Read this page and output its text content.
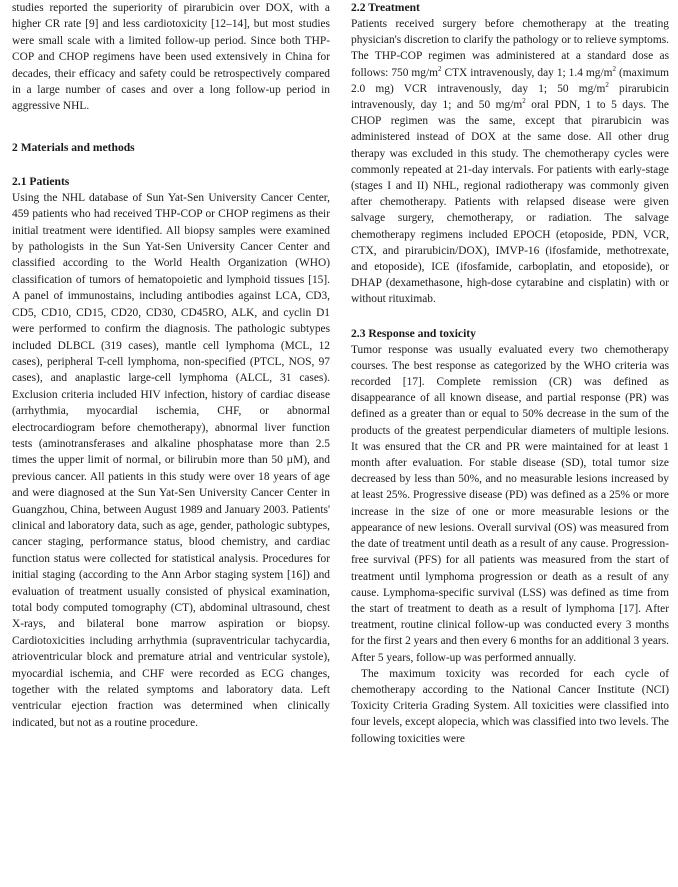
studies reported the superiority of pirarubicin over DOX, with a higher CR rate [9] and less cardiotoxicity [12–14], but most studies were small scale with a limited follow-up period. Since both THP-COP and CHOP regimens have been used extensively in China for decades, their efficacy and safety could be retrospectively compared in a large number of cases and over a long follow-up period in aggressive NHL.

2 Materials and methods
2.1 Patients

Using the NHL database of Sun Yat-Sen University Cancer Center, 459 patients who had received THP-COP or CHOP regimens as their initial treatment were identified. All biopsy samples were examined by pathologists in the Sun Yat-Sen University Cancer Center and classified according to the World Health Organization (WHO) classification of tumors of hematopoietic and lymphoid tissues [15]. A panel of immunostains, including antibodies against LCA, CD3, CD5, CD10, CD15, CD20, CD30, CD45RO, ALK, and cyclin D1 were performed to confirm the diagnosis. The pathologic subtypes included DLBCL (319 cases), mantle cell lymphoma (MCL, 12 cases), peripheral T-cell lymphoma, non-specified (PTCL, NOS, 97 cases), and anaplastic large-cell lymphoma (ALCL, 31 cases). Exclusion criteria included HIV infection, history of cardiac disease (arrhythmia, myocardial ischemia, CHF, or abnormal electrocardiogram before chemotherapy), abnormal liver function tests (aminotransferases and alkaline phosphatase more than 2.5 times the upper limit of normal, or bilirubin more than 50 µM), and previous cancer. All patients in this study were over 18 years of age and were diagnosed at the Sun Yat-Sen University Cancer Center in Guangzhou, China, between August 1989 and January 2003. Patients' clinical and laboratory data, such as age, gender, pathologic subtypes, cancer staging, performance status, blood chemistry, and cardiac function status were collected for statistical analysis. Procedures for initial staging (according to the Ann Arbor staging system [16]) and evaluation of treatment usually consisted of physical examination, total body computed tomography (CT), abdominal ultrasound, chest X-rays, and bilateral bone marrow aspiration or biopsy. Cardiotoxicities including arrhythmia (supraventricular tachycardia, atrioventricular block and premature atrial and ventricular systole), myocardial ischemia, and CHF were recorded as ECG changes, together with the related symptoms and laboratory data. Left ventricular ejection fraction was determined when clinically indicated, but not as a routine procedure.

2.2 Treatment

Patients received surgery before chemotherapy at the treating physician's discretion to clarify the pathology or to relieve symptoms. The THP-COP regimen was administered at a standard dose as follows: 750 $mg/m^2$ CTX intravenously, day 1; 1.4 $mg/m^2$ (maximum 2.0 mg) VCR intravenously, day 1; 50 $mg/m^2$ pirarubicin intravenously, day 1; and 50 $mg/m^2$ oral PDN, 1 to 5 days. The CHOP regimen was the same, except that pirarubicin was administered instead of DOX at the same dose. All other drug therapy was excluded in this study. The chemotherapy cycles were commonly repeated at 21-day intervals. For patients with early-stage (stages I and II) NHL, regional radiotherapy was commonly given after chemotherapy. Patients with relapsed disease were given salvage surgery, chemotherapy, or radiation. The salvage chemotherapy regimens included EPOCH (etoposide, PDN, VCR, CTX, and pirarubicin/DOX), IMVP-16 (ifosfamide, methotrexate, and etoposide), ICE (ifosfamide, carboplatin, and etoposide), or DHAP (dexamethasone, high-dose cytarabine and cisplatin) with or without rituximab.

2.3 Response and toxicity

Tumor response was usually evaluated every two chemotherapy courses. The best response as categorized by the WHO criteria was recorded [17]. Complete remission (CR) was defined as disappearance of all known disease, and partial response (PR) was defined as a greater than or equal to 50% decrease in the sum of the products of the greatest perpendicular diameters of multiple lesions. It was ensured that the CR and PR were maintained for at least 1 month after evaluation. For stable disease (SD), total tumor size decreased by less than 50%, and no measurable lesions increased by at least 25%. Progressive disease (PD) was defined as a 25% or more increase in the size of one or more measurable lesions or the appearance of new lesions. Overall survival (OS) was measured from the date of treatment until death as a result of any cause. Progression-free survival (PFS) for all patients was measured from the start of treatment until lymphoma progression or death as a result of any cause. Lymphoma-specific survival (LSS) was defined as time from the start of treatment to death as a result of lymphoma [17]. After treatment, routine clinical follow-up was conducted every 3 months for the first 2 years and then every 6 months for an additional 3 years. After 5 years, follow-up was performed annually.

The maximum toxicity was recorded for each cycle of chemotherapy according to the National Cancer Institute (NCI) Toxicity Criteria Grading System. All toxicities were classified into four levels, except alopecia, which was classified into two levels. The following toxicities were
